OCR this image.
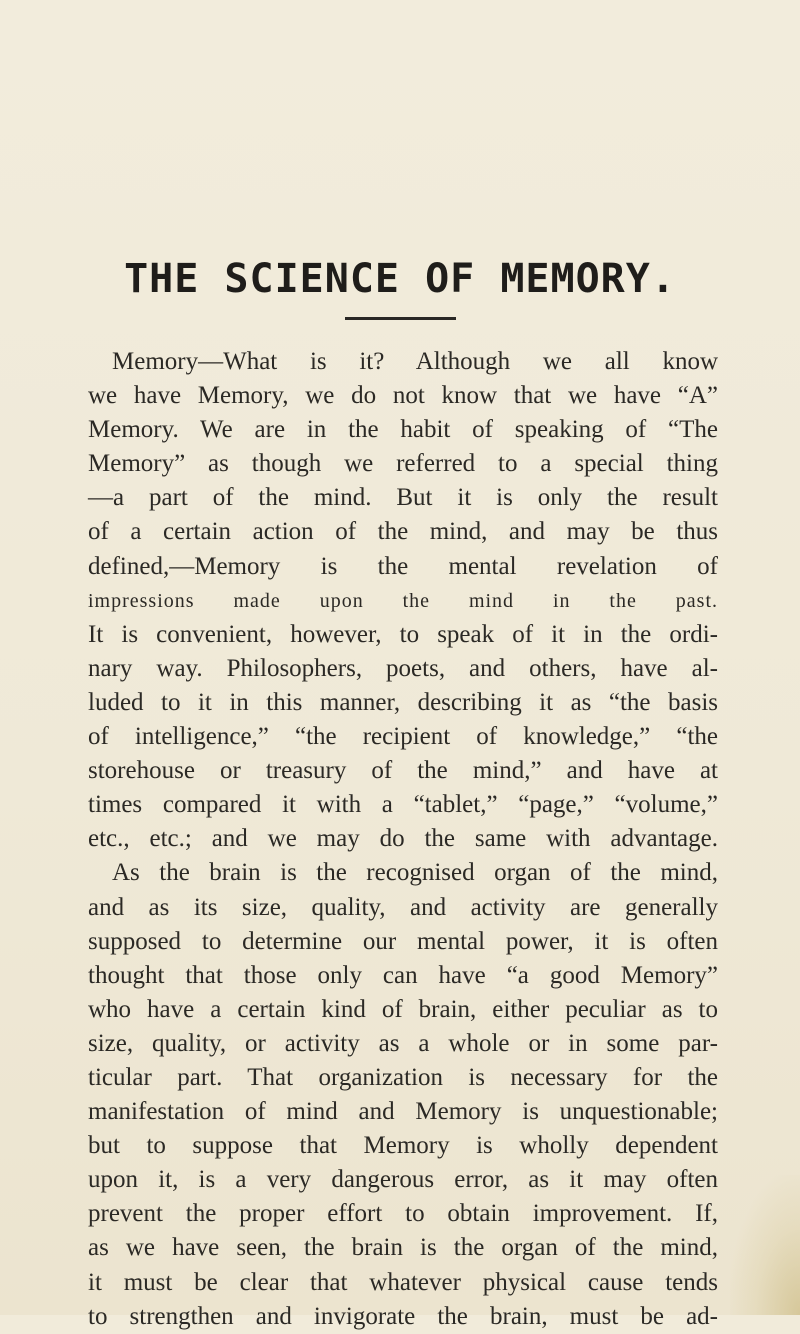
THE SCIENCE OF MEMORY.
Memory—What is it? Although we all know
we have Memory, we do not know that we have “A”
Memory. We are in the habit of speaking of “The
Memory” as though we referred to a special thing
—a part of the mind. But it is only the result
of a certain action of the mind, and may be thus
defined,—Memory is the mental revelation of
impressions made upon the mind in the past.
It is convenient, however, to speak of it in the ordi-
nary way. Philosophers, poets, and others, have al-
luded to it in this manner, describing it as “the basis
of intelligence,” “the recipient of knowledge,” “the
storehouse or treasury of the mind,” and have at
times compared it with a “tablet,” “page,” “volume,”
etc., etc.; and we may do the same with advantage.
As the brain is the recognised organ of the mind,
and as its size, quality, and activity are generally
supposed to determine our mental power, it is often
thought that those only can have “a good Memory”
who have a certain kind of brain, either peculiar as to
size, quality, or activity as a whole or in some par-
ticular part. That organization is necessary for the
manifestation of mind and Memory is unquestionable;
but to suppose that Memory is wholly dependent
upon it, is a very dangerous error, as it may often
prevent the proper effort to obtain improvement. If,
as we have seen, the brain is the organ of the mind,
it must be clear that whatever physical cause tends
to strengthen and invigorate the brain, must be ad-
